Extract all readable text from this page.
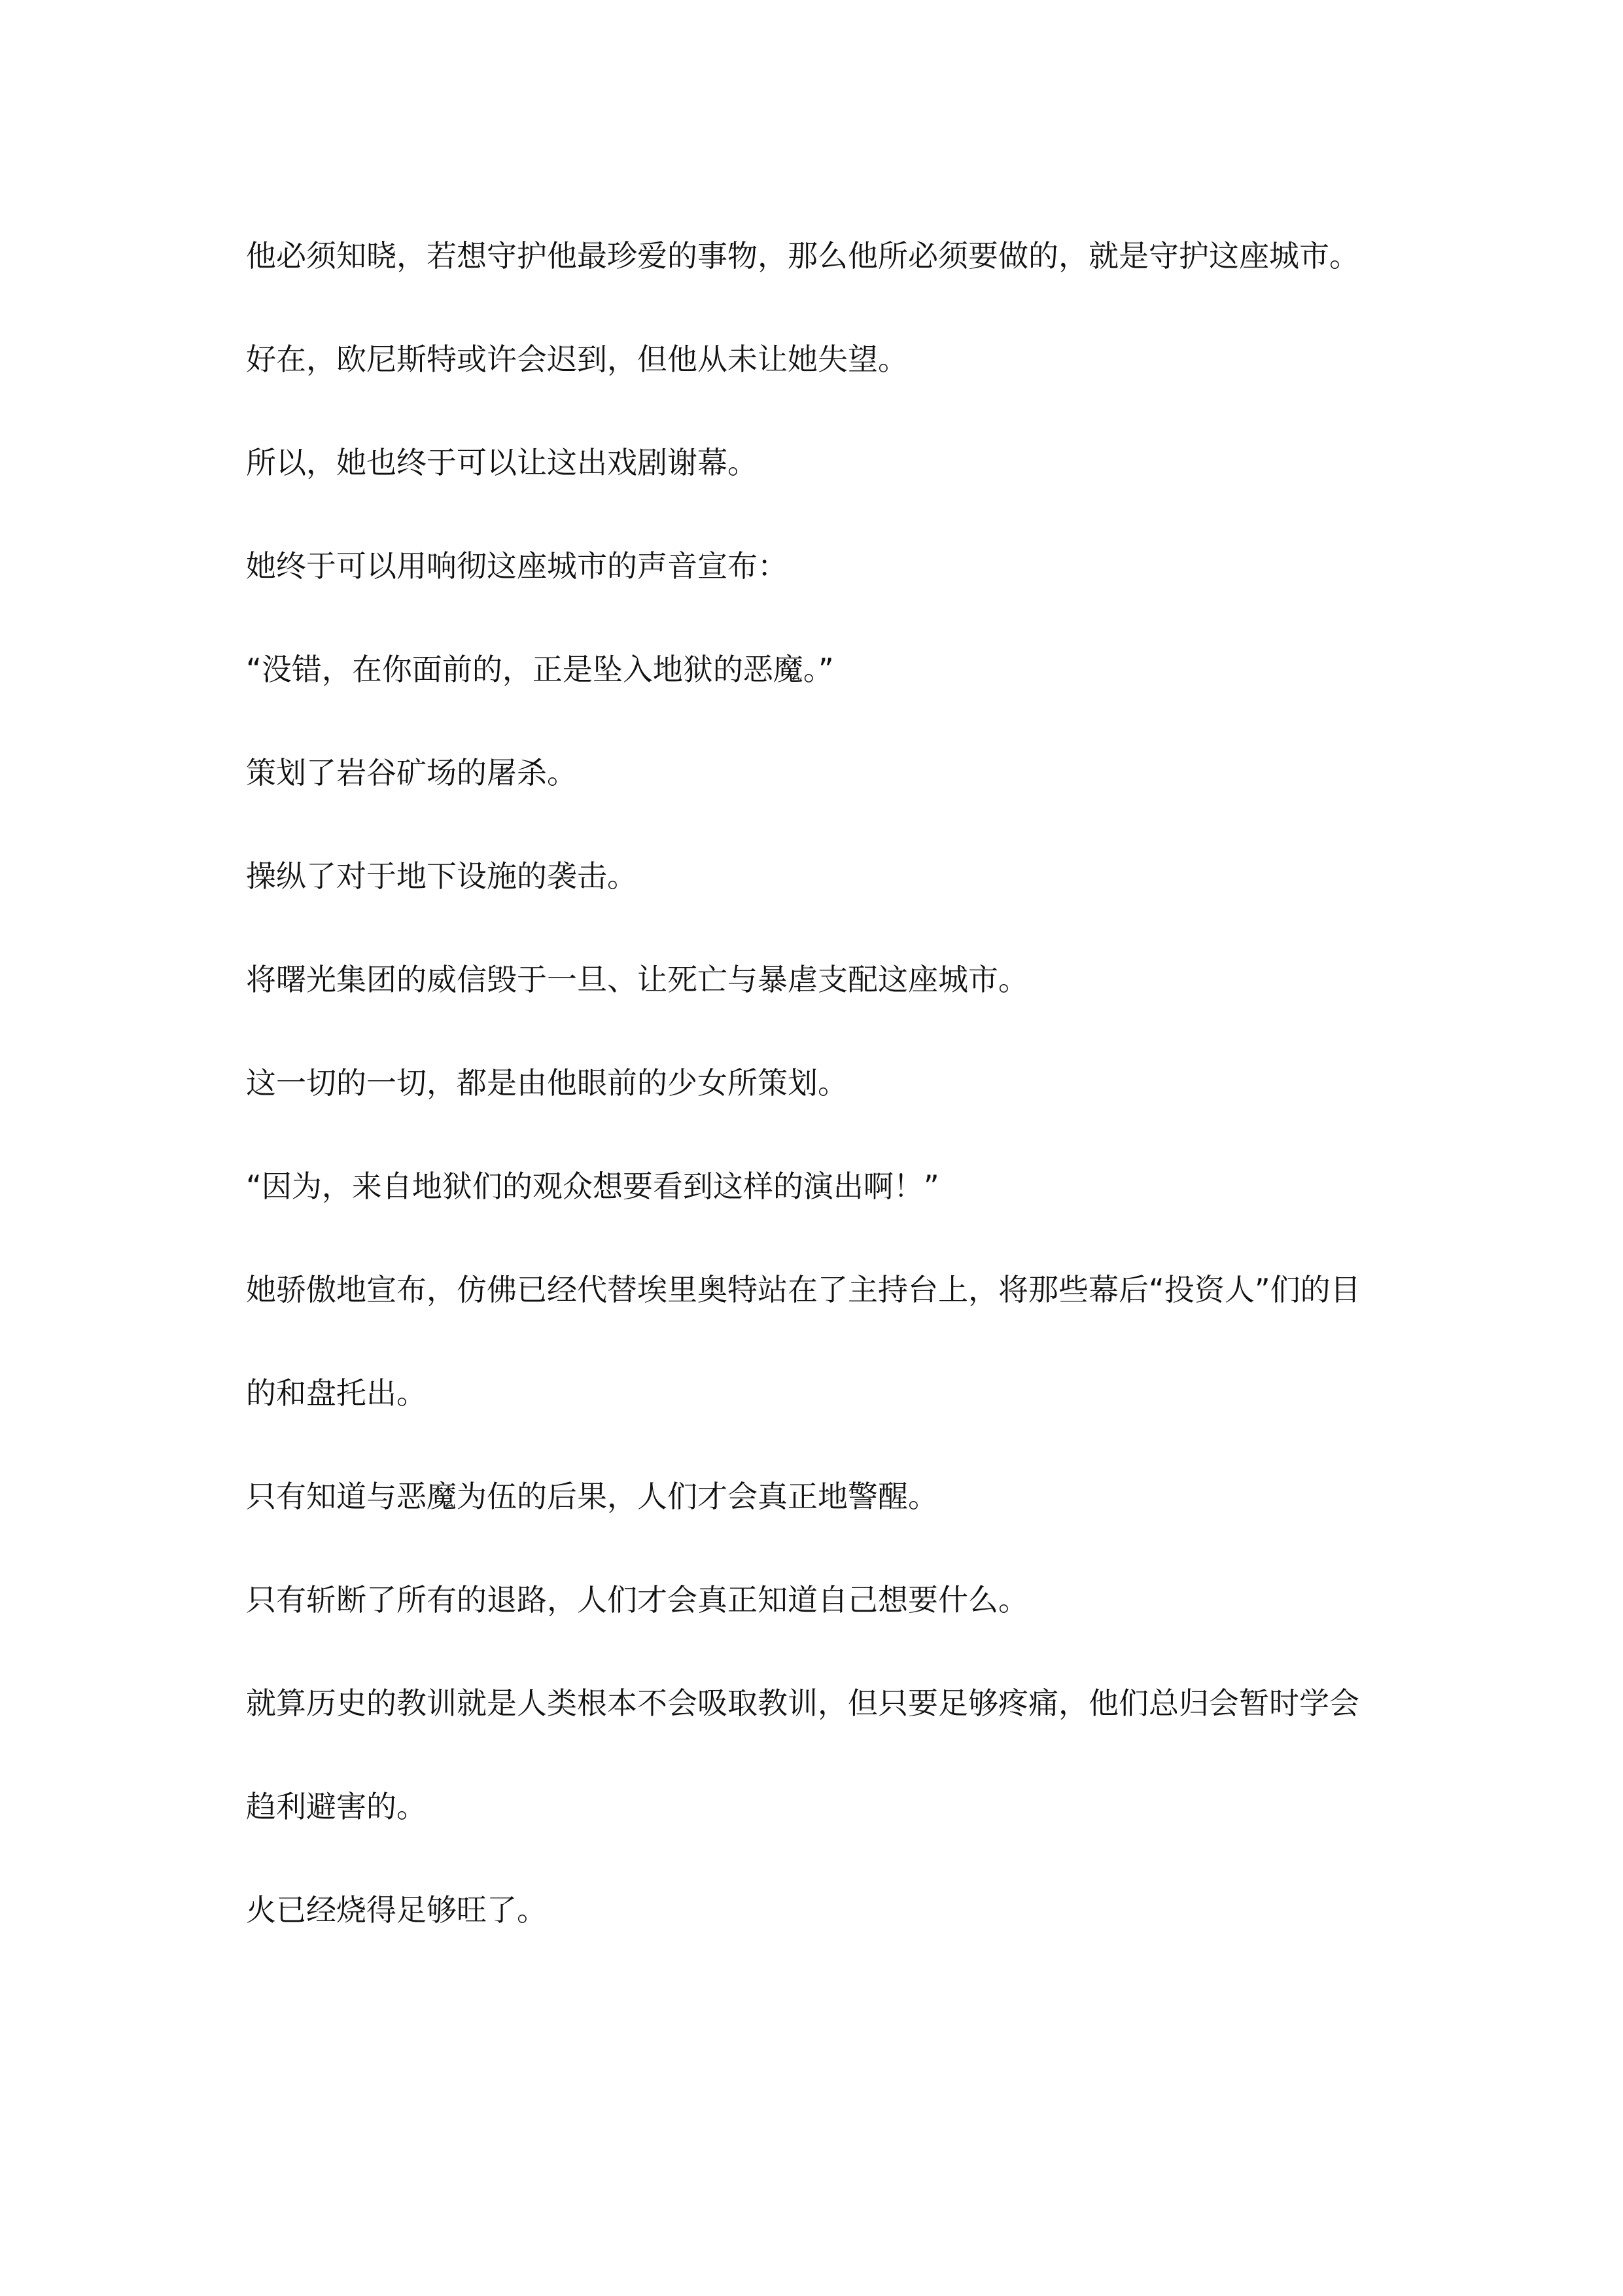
他必须知晓，若想守护他最珍爱的事物，那么他所必须要做的，就是守护这座城市。

好在，欧尼斯特或许会迟到，但他从未让她失望。

所以，她也终于可以让这出戏剧谢幕。

她终于可以用响彻这座城市的声音宣布：

“没错，在你面前的，正是坠入地狱的恶魔。”

策划了岩谷矿场的屠杀。

操纵了对于地下设施的袭击。

将曙光集团的威信毁于一旦、让死亡与暴虐支配这座城市。

这一切的一切，都是由他眼前的少女所策划。

“因为，来自地狱们的观众想要看到这样的演出啊！”

她骄傲地宣布，仿佛已经代替埃里奥特站在了主持台上，将那些幕后“投资人”们的目的和盘托出。

只有知道与恶魔为伍的后果，人们才会真正地警醒。

只有斩断了所有的退路，人们才会真正知道自己想要什么。

就算历史的教训就是人类根本不会吸取教训，但只要足够疼痛，他们总归会暂时学会趋利避害的。

火已经烧得足够旺了。
